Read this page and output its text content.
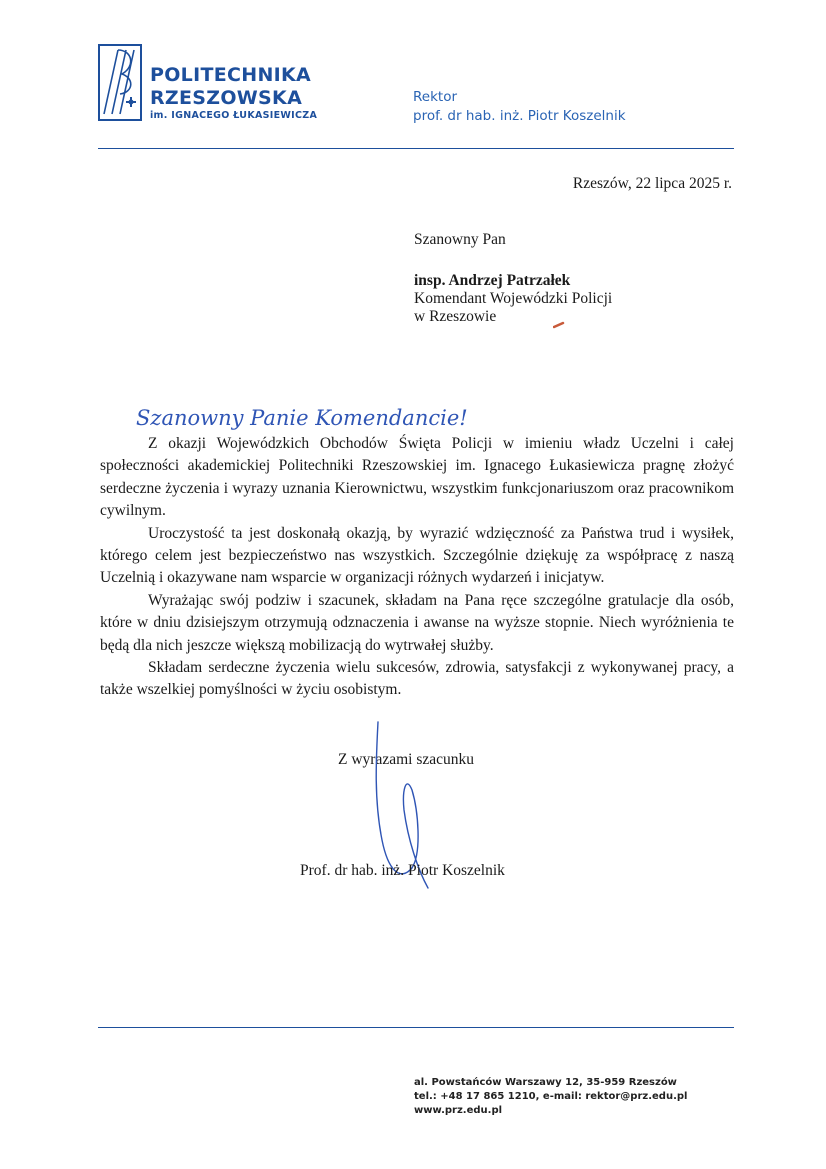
POLITECHNIKA
RZESZOWSKA
im. IGNACEGO ŁUKASIEWICZA
Rektor
prof. dr hab. inż. Piotr Koszelnik
Rzeszów, 22 lipca 2025 r.
Szanowny Pan
insp. Andrzej Patrzałek
Komendant Wojewódzki Policji
w Rzeszowie
Szanowny Panie Komendancie!

Z okazji Wojewódzkich Obchodów Święta Policji w imieniu władz Uczelni i całej społeczności akademickiej Politechniki Rzeszowskiej im. Ignacego Łukasiewicza pragnę złożyć serdeczne życzenia i wyrazy uznania Kierownictwu, wszystkim funkcjonariuszom oraz pracownikom cywilnym.

Uroczystość ta jest doskonałą okazją, by wyrazić wdzięczność za Państwa trud i wysiłek, którego celem jest bezpieczeństwo nas wszystkich. Szczególnie dziękuję za współpracę z naszą Uczelnią i okazywane nam wsparcie w organizacji różnych wydarzeń i inicjatyw.

Wyrażając swój podziw i szacunek, składam na Pana ręce szczególne gratulacje dla osób, które w dniu dzisiejszym otrzymują odznaczenia i awanse na wyższe stopnie. Niech wyróżnienia te będą dla nich jeszcze większą mobilizacją do wytrwałej służby.

Składam serdeczne życzenia wielu sukcesów, zdrowia, satysfakcji z wykonywanej pracy, a także wszelkiej pomyślności w życiu osobistym.

Z wyrazami szacunku
Prof. dr hab. inż. Piotr Koszelnik
al. Powstańców Warszawy 12, 35-959 Rzeszów
tel.: +48 17 865 1210, e-mail: rektor@prz.edu.pl
www.prz.edu.pl
